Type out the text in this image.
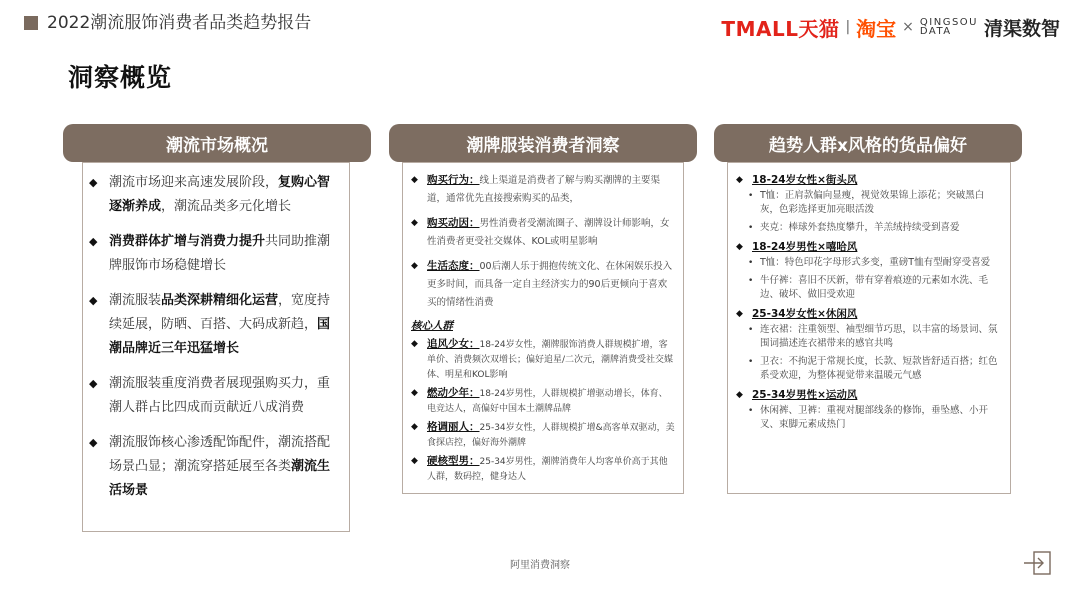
2022潮流服饰消费者品类趋势报告	TMALL天猫 | 淘宝 × QINGSOU
DATA	清渠数智
洞察概览
潮流市场概况
◆ 潮流市场迎来高速发展阶段，复购心智逐渐养成，潮流品类多元化增长
◆ 消费群体扩增与消费力提升共同助推潮牌服饰市场稳健增长
◆ 潮流服装品类深耕精细化运营，宽度持续延展，防晒、百搭、大码成新趋，国潮品牌近三年迅猛增长
◆ 潮流服装重度消费者展现强购买力，重潮人群占比四成而贡献近八成消费
◆ 潮流服饰核心渗透配饰配件，潮流搭配场景凸显；潮流穿搭延展至各类潮流生活场景
潮牌服装消费者洞察
◆ 购买行为：线上渠道是消费者了解与购买潮牌的主要渠道，通常优先直接搜索购买的品类，
◆ 购买动因：男性消费者受潮流圈子、潮牌设计师影响，女性消费者更受社交媒体、KOL或明星影响
◆ 生活态度：00后潮人乐于拥抱传统文化、在休闲娱乐投入更多时间，而具备一定自主经济实力的90后更倾向于喜欢买的情绪性消费
核心人群
◆ 追风少女：18-24岁女性，潮牌服饰消费人群规模扩增，客单价、消费频次双增长；偏好追星/二次元，潮牌消费受社交媒体、明星和KOL影响
◆ 燃动少年：18-24岁男性，人群规模扩增驱动增长，体育、电竞达人，高偏好中国本土潮牌品牌
◆ 格调丽人：25-34岁女性，人群规模扩增&高客单双驱动，美食探店控，偏好海外潮牌
◆ 硬核型男：25-34岁男性，潮牌消费年人均客单价高于其他人群，数码控，健身达人
趋势人群x风格的货品偏好
◆ 18-24岁女性×街头风
• T恤：正肩款偏向显瘦，视觉效果锦上添花；突破黑白灰，色彩选择更加亮眼活泼
• 夹克：棒球外套热度攀升，羊羔绒持续受到喜爱
◆ 18-24岁男性×嘻哈风
• T恤：特色印花字母形式多变，重磅T恤有型耐穿受喜爱
• 牛仔裤：喜旧不厌新，带有穿着痕迹的元素如水洗、毛边、破坏、做旧受欢迎
◆ 25-34岁女性×休闲风
• 连衣裙：注重领型、袖型细节巧思，以丰富的场景词、氛围词描述连衣裙带来的感官共鸣
• 卫衣：不拘泥于常规长度，长款、短款皆舒适百搭；红色系受欢迎，为整体视觉带来温暖元气感
◆ 25-34岁男性×运动风
• 休闲裤、卫裤：重视对腿部线条的修饰，垂坠感、小开叉、束脚元素成热门
阿里消费洞察
